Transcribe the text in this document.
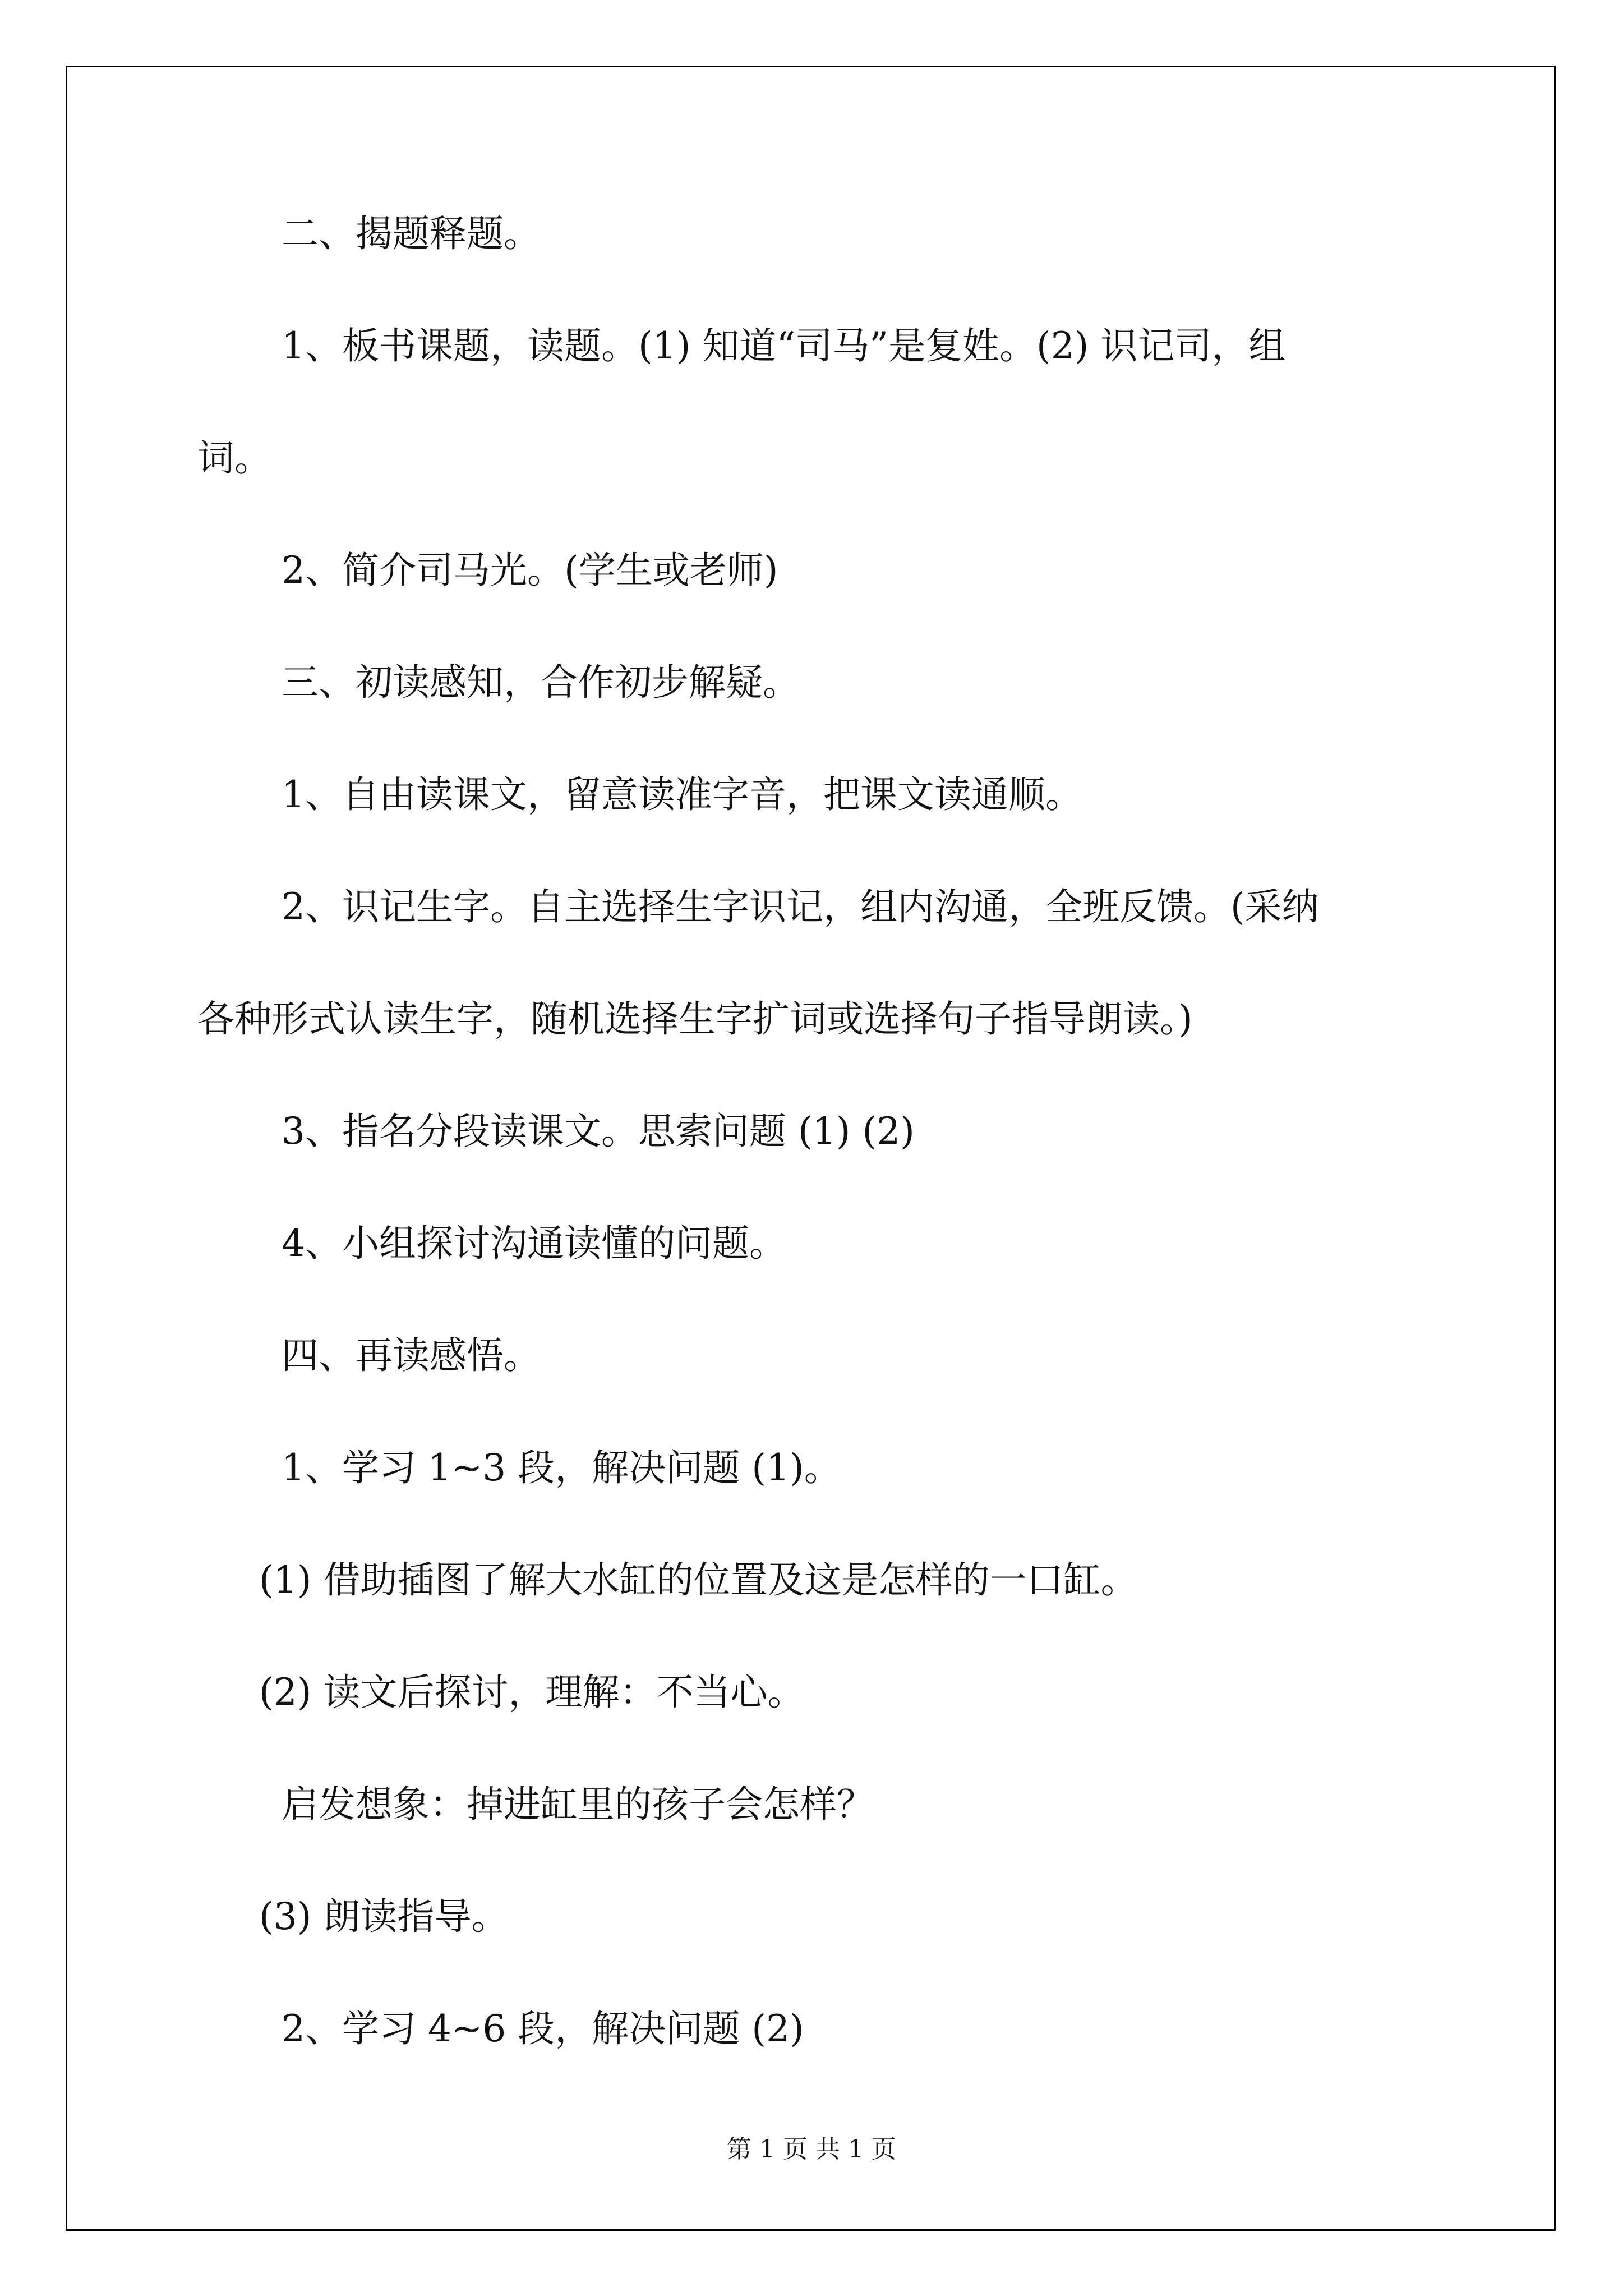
二、揭题释题。
1、板书课题，读题。(1) 知道“司马”是复姓。(2) 识记司，组
词。
2、简介司马光。(学生或老师)
三、初读感知，合作初步解疑。
1、自由读课文，留意读准字音，把课文读通顺。
2、识记生字。自主选择生字识记，组内沟通，全班反馈。(采纳
各种形式认读生字，随机选择生字扩词或选择句子指导朗读。)
3、指名分段读课文。思索问题 (1) (2)
4、小组探讨沟通读懂的问题。
四、再读感悟。
1、学习 1~3 段，解决问题 (1)。
(1) 借助插图了解大水缸的位置及这是怎样的一口缸。
(2) 读文后探讨，理解：不当心。
启发想象：掉进缸里的孩子会怎样？
(3) 朗读指导。
2、学习 4~6 段，解决问题 (2)
第 1 页 共 1 页
